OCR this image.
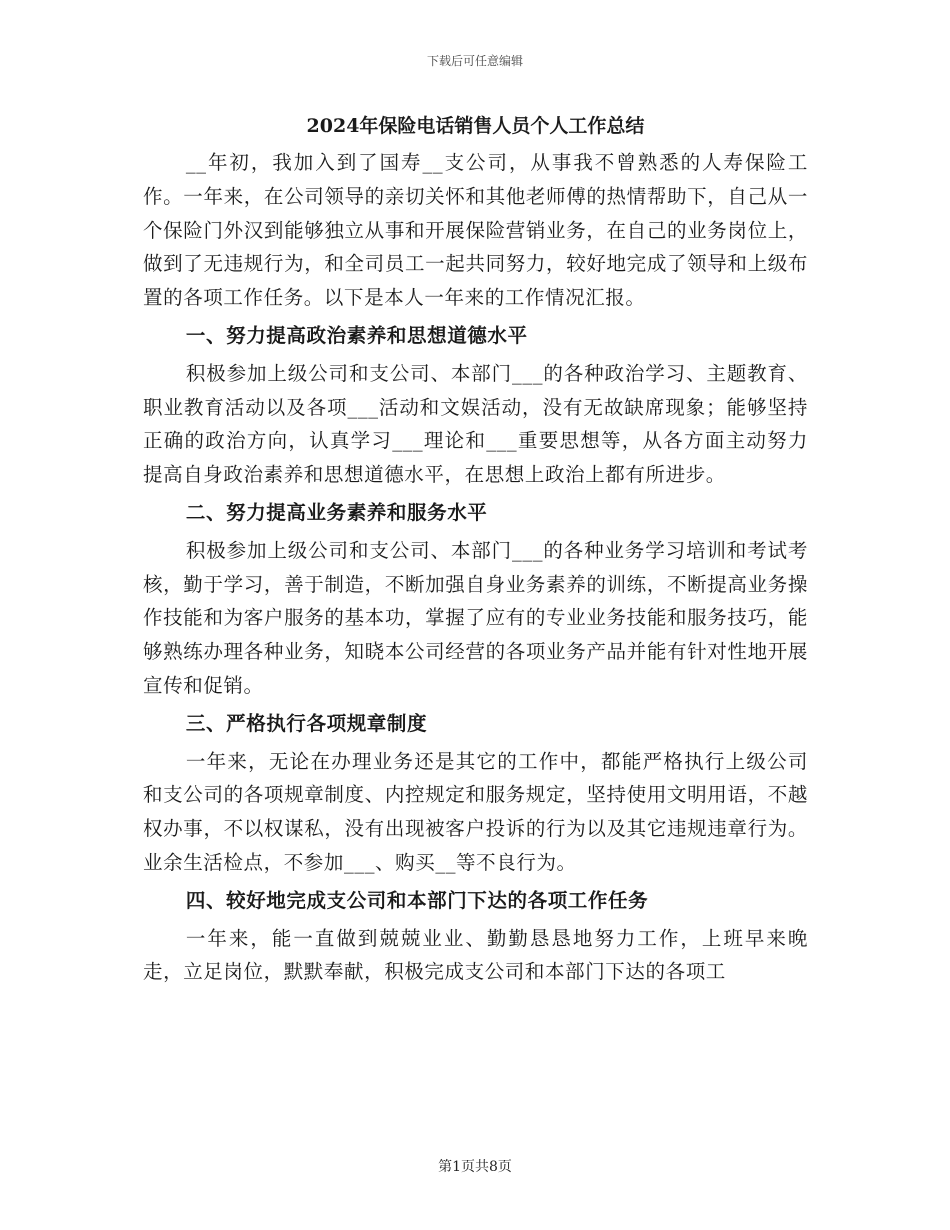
下载后可任意编辑
2024年保险电话销售人员个人工作总结

__年初，我加入到了国寿__支公司，从事我不曾熟悉的人寿保险工作。一年来，在公司领导的亲切关怀和其他老师傅的热情帮助下，自己从一个保险门外汉到能够独立从事和开展保险营销业务，在自己的业务岗位上，做到了无违规行为，和全司员工一起共同努力，较好地完成了领导和上级布置的各项工作任务。以下是本人一年来的工作情况汇报。

一、努力提高政治素养和思想道德水平

积极参加上级公司和支公司、本部门___的各种政治学习、主题教育、职业教育活动以及各项___活动和文娱活动，没有无故缺席现象；能够坚持正确的政治方向，认真学习___理论和___重要思想等，从各方面主动努力提高自身政治素养和思想道德水平，在思想上政治上都有所进步。

二、努力提高业务素养和服务水平

积极参加上级公司和支公司、本部门___的各种业务学习培训和考试考核，勤于学习，善于制造，不断加强自身业务素养的训练，不断提高业务操作技能和为客户服务的基本功，掌握了应有的专业业务技能和服务技巧，能够熟练办理各种业务，知晓本公司经营的各项业务产品并能有针对性地开展宣传和促销。

三、严格执行各项规章制度

一年来，无论在办理业务还是其它的工作中，都能严格执行上级公司和支公司的各项规章制度、内控规定和服务规定，坚持使用文明用语，不越权办事，不以权谋私，没有出现被客户投诉的行为以及其它违规违章行为。业余生活检点，不参加___、购买__等不良行为。

四、较好地完成支公司和本部门下达的各项工作任务

一年来，能一直做到兢兢业业、勤勤恳恳地努力工作，上班早来晚走，立足岗位，默默奉献，积极完成支公司和本部门下达的各项工

第1页共8页
